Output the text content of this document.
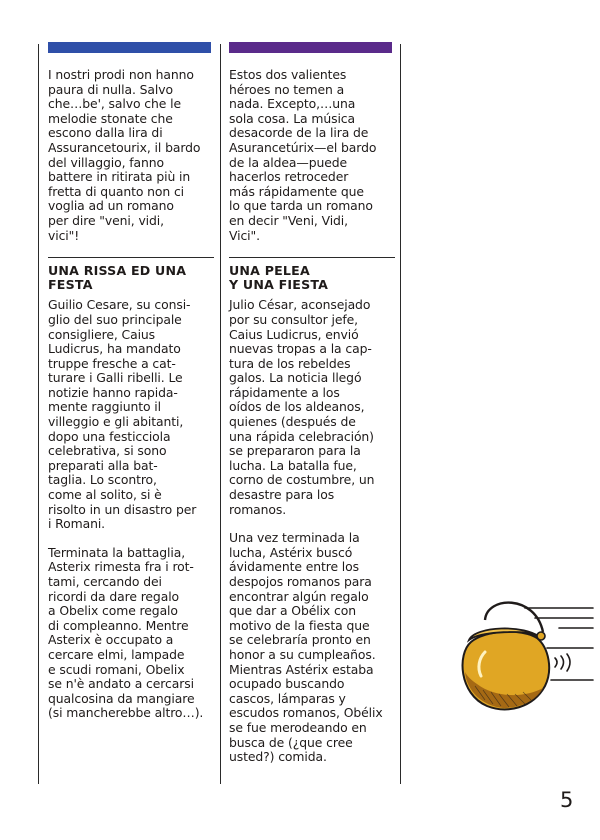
I nostri prodi non hanno
paura di nulla. Salvo
che…be', salvo che le
melodie stonate che
escono dalla lira di
Assurancetourix, il bardo
del villaggio, fanno
battere in ritirata più in
fretta di quanto non ci
voglia ad un romano
per dire "veni, vidi,
vici"!

UNA RISSA ED UNA
FESTA

Guilio Cesare, su consi-
glio del suo principale
consigliere, Caius
Ludicrus, ha mandato
truppe fresche a cat-
turare i Galli ribelli. Le
notizie hanno rapida-
mente raggiunto il
villeggio e gli abitanti,
dopo una festicciola
celebrativa, si sono
preparati alla bat-
taglia. Lo scontro,
come al solito, si è
risolto in un disastro per
i Romani.

Terminata la battaglia,
Asterix rimesta fra i rot-
tami, cercando dei
ricordi da dare regalo
a Obelix come regalo
di compleanno. Mentre
Asterix è occupato a
cercare elmi, lampade
e scudi romani, Obelix
se n'è andato a cercarsi
qualcosina da mangiare
(si mancherebbe altro…).

Estos dos valientes
héroes no temen a
nada. Excepto,…una
sola cosa. La música
desacorde de la lira de
Asurancetúrix—el bardo
de la aldea—puede
hacerlos retroceder
más rápidamente que
lo que tarda un romano
en decir "Veni, Vidi,
Vici".

UNA PELEA
Y UNA FIESTA

Julio César, aconsejado
por su consultor jefe,
Caius Ludicrus, envió
nuevas tropas a la cap-
tura de los rebeldes
galos. La noticia llegó
rápidamente a los
oídos de los aldeanos,
quienes (después de
una rápida celebración)
se prepararon para la
lucha. La batalla fue,
corno de costumbre, un
desastre para los
romanos.

Una vez terminada la
lucha, Astérix buscó
ávidamente entre los
despojos romanos para
encontrar algún regalo
que dar a Obélix con
motivo de la fiesta que
se celebraría pronto en
honor a su cumpleaños.
Mientras Astérix estaba
ocupado buscando
cascos, lámparas y
escudos romanos, Obélix
se fue merodeando en
busca de (¿que cree
usted?) comida.

5
